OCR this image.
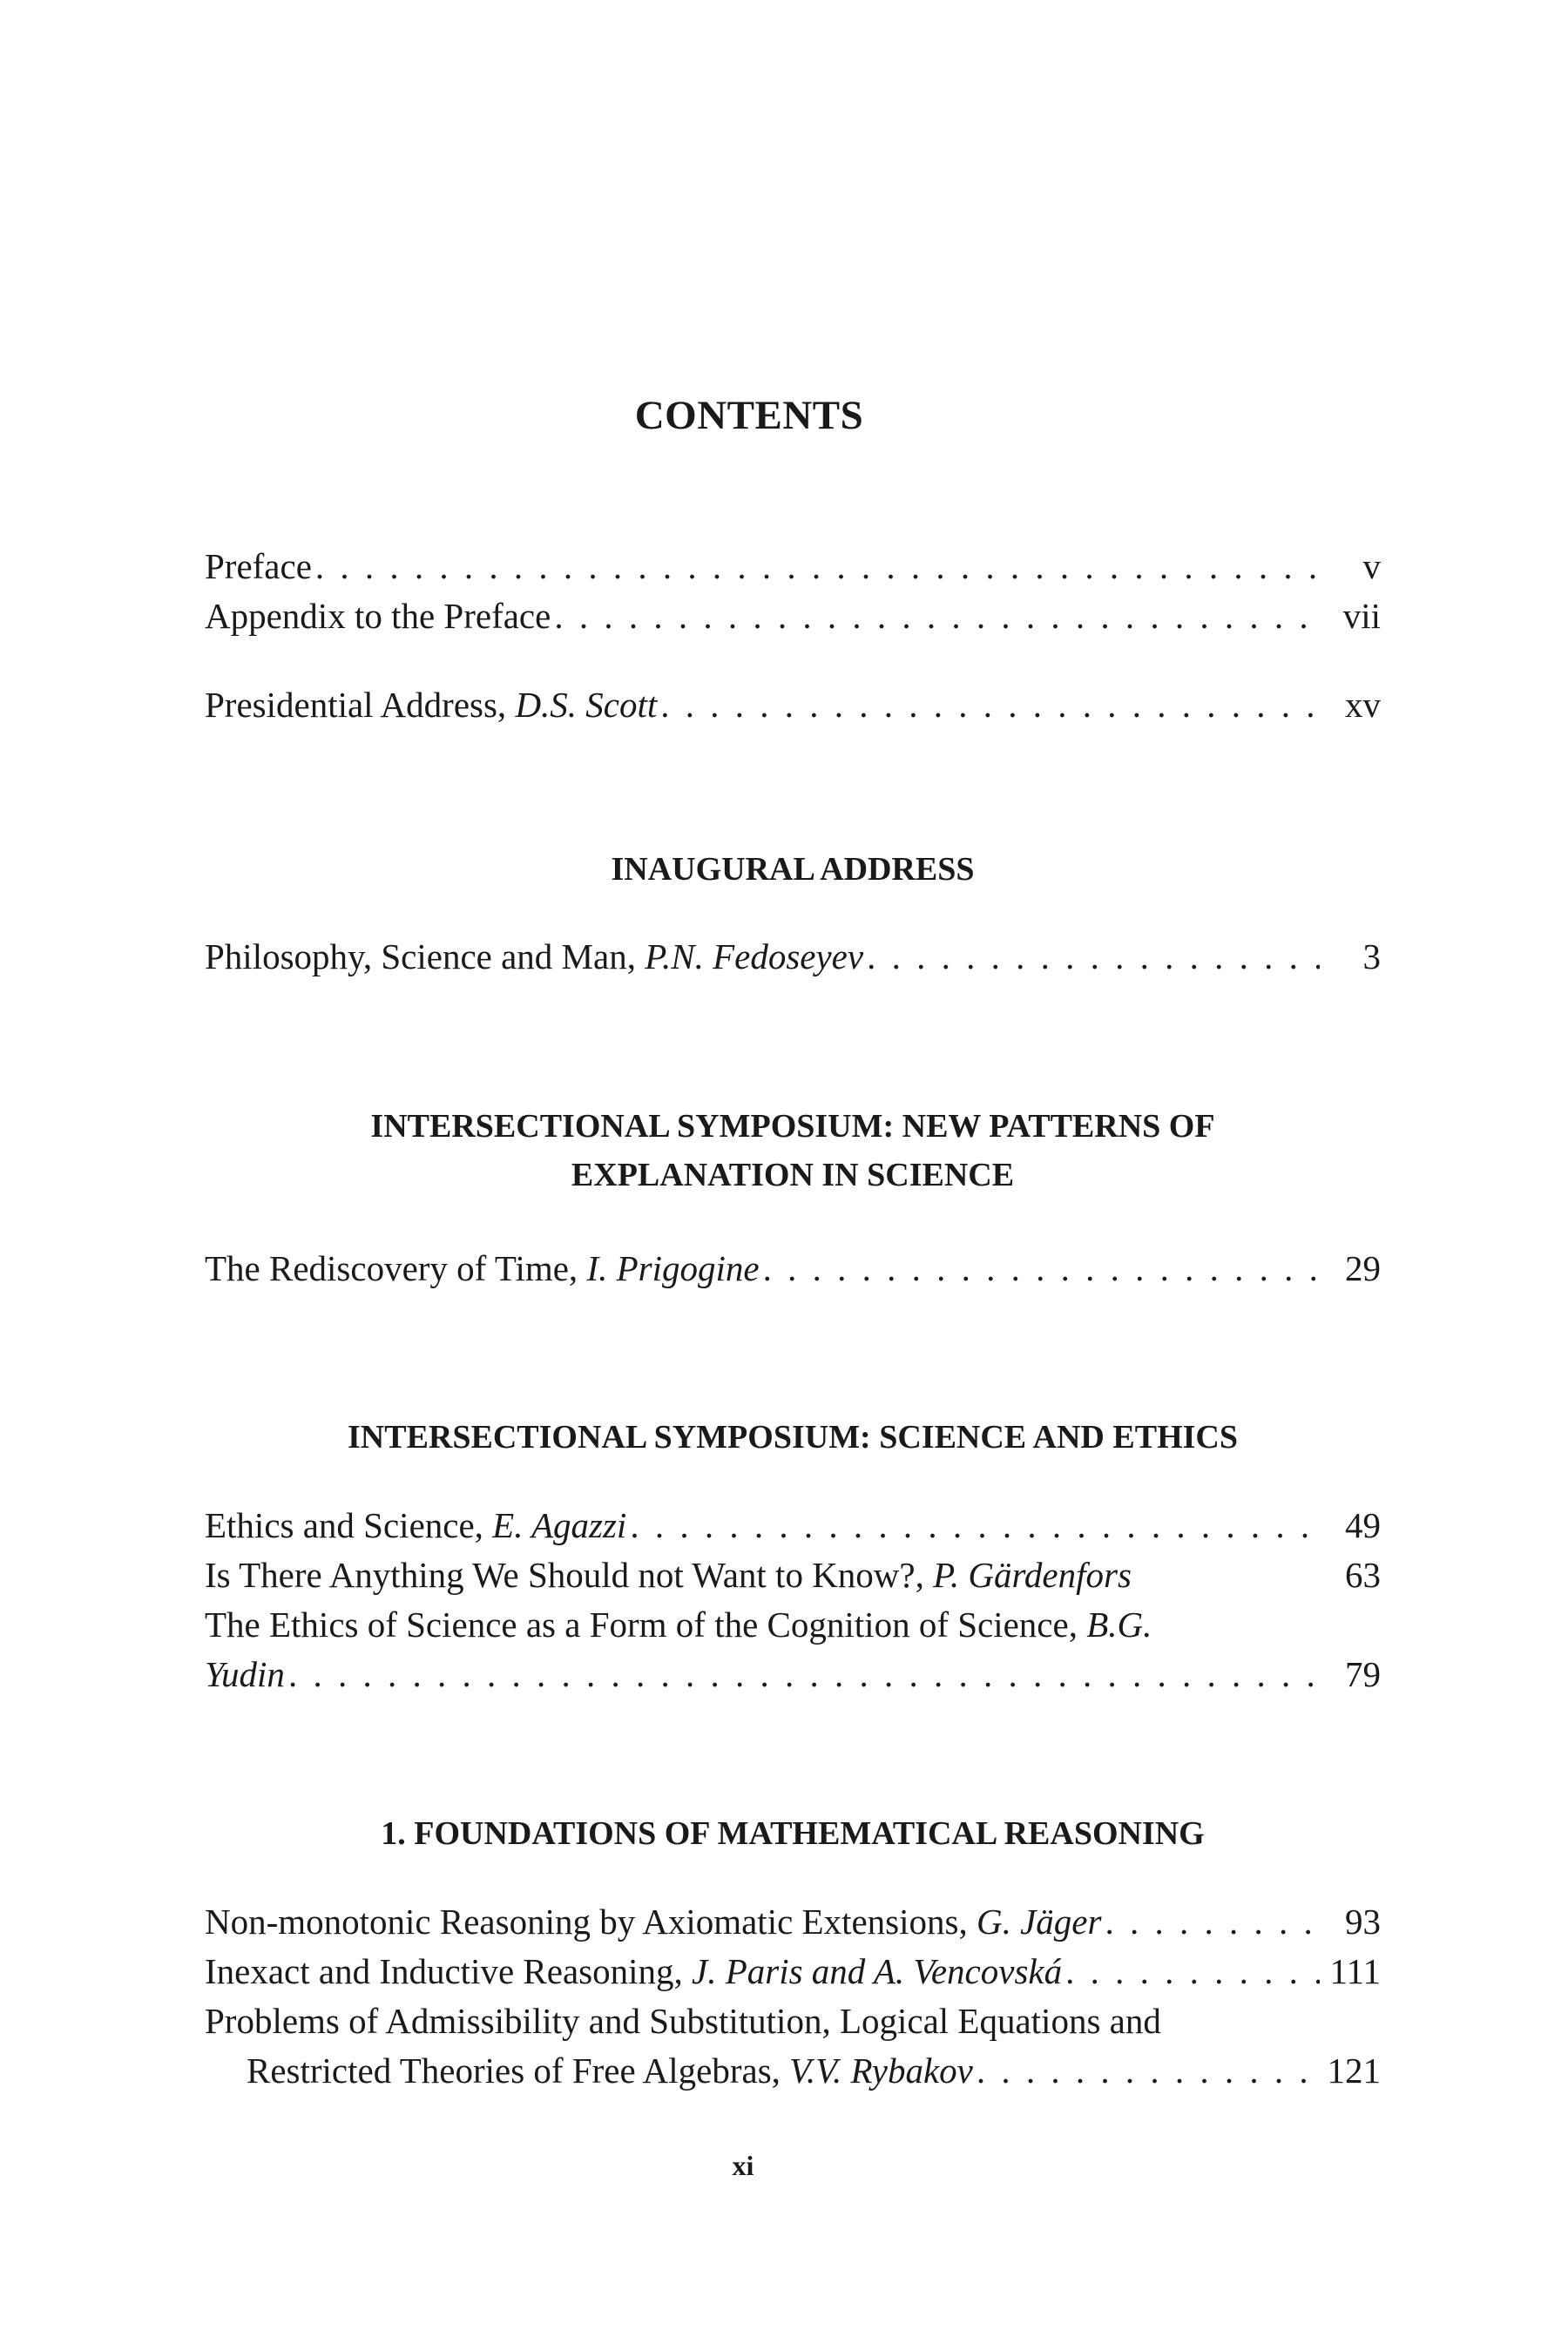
CONTENTS
Preface . . .	v
Appendix to the Preface . . .	vii
Presidential Address, D.S. Scott . . .	xv
INAUGURAL ADDRESS
Philosophy, Science and Man, P.N. Fedoseyev . . .	3
INTERSECTIONAL SYMPOSIUM: NEW PATTERNS OF
EXPLANATION IN SCIENCE
The Rediscovery of Time, I. Prigogine . . .	29
INTERSECTIONAL SYMPOSIUM: SCIENCE AND ETHICS
Ethics and Science, E. Agazzi . . .	49
Is There Anything We Should not Want to Know?, P. Gärdenfors	63
The Ethics of Science as a Form of the Cognition of Science, B.G.
Yudin . . .	79
1. FOUNDATIONS OF MATHEMATICAL REASONING
Non-monotonic Reasoning by Axiomatic Extensions, G. Jäger . . .	93
Inexact and Inductive Reasoning, J. Paris and A. Vencovská . . .	111
Problems of Admissibility and Substitution, Logical Equations and
Restricted Theories of Free Algebras, V.V. Rybakov . . .	121
xi
